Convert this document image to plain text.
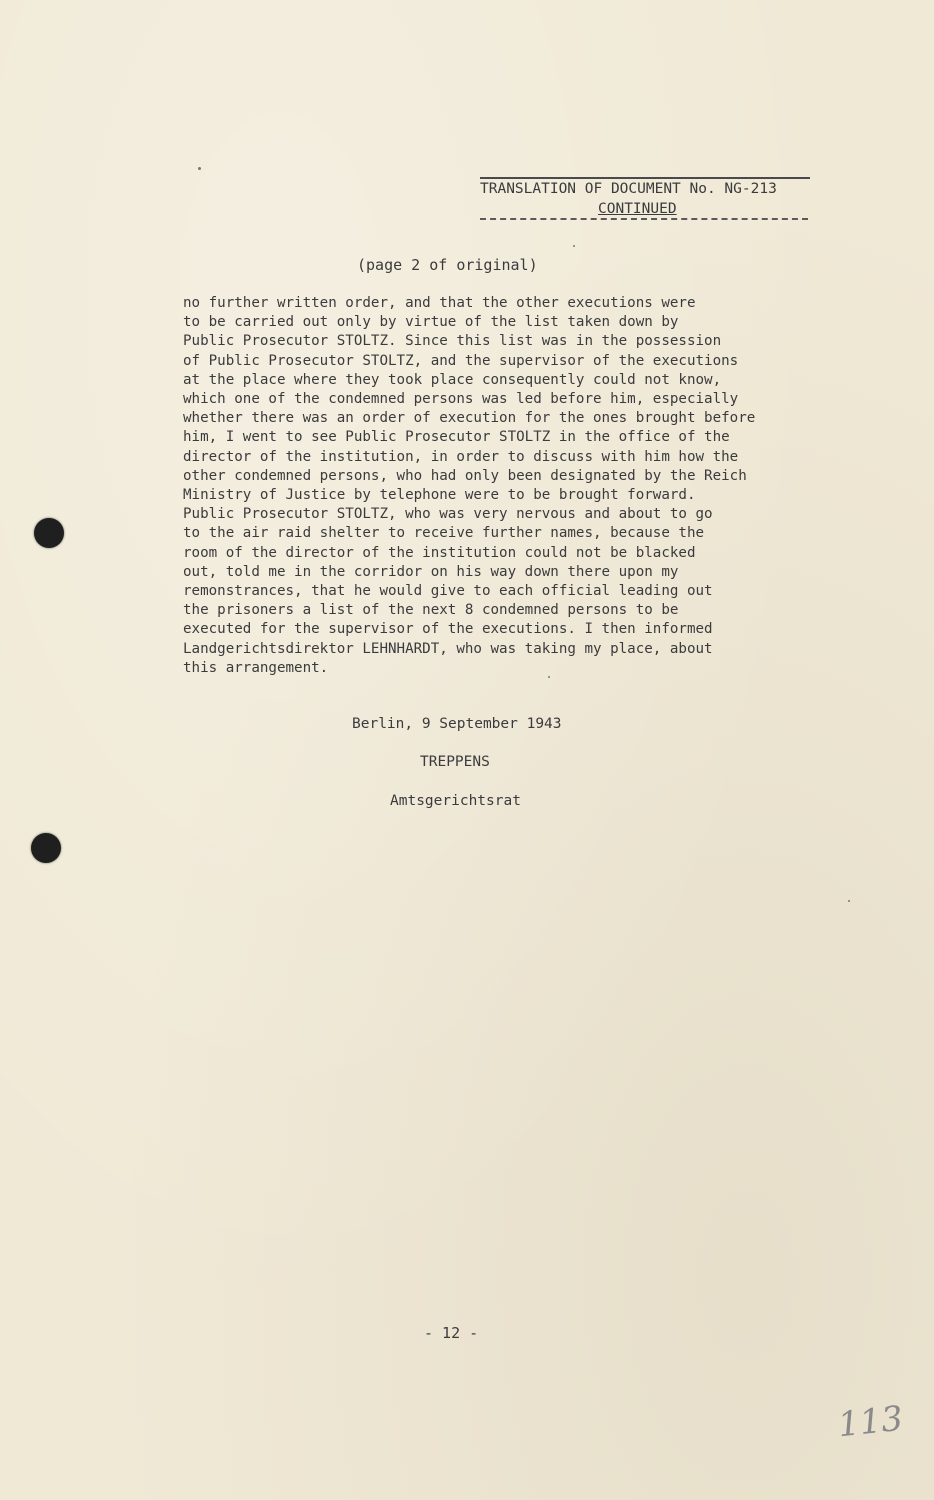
TRANSLATION OF DOCUMENT No. NG-213
CONTINUED
(page 2 of original)
no further written order, and that the other executions were
to be carried out only by virtue of the list taken down by
Public Prosecutor STOLTZ. Since this list was in the possession
of Public Prosecutor STOLTZ, and the supervisor of the executions
at the place where they took place consequently could not know,
which one of the condemned persons was led before him, especially
whether there was an order of execution for the ones brought before
him, I went to see Public Prosecutor STOLTZ in the office of the
director of the institution, in order to discuss with him how the
other condemned persons, who had only been designated by the Reich
Ministry of Justice by telephone were to be brought forward.
Public Prosecutor STOLTZ, who was very nervous and about to go
to the air raid shelter to receive further names, because the
room of the director of the institution could not be blacked
out, told me in the corridor on his way down there upon my
remonstrances, that he would give to each official leading out
the prisoners a list of the next 8 condemned persons to be
executed for the supervisor of the executions. I then informed
Landgerichtsdirektor LEHNHARDT, who was taking my place, about
this arrangement.
Berlin, 9 September 1943
TREPPENS
Amtsgerichtsrat
- 12 -
113
